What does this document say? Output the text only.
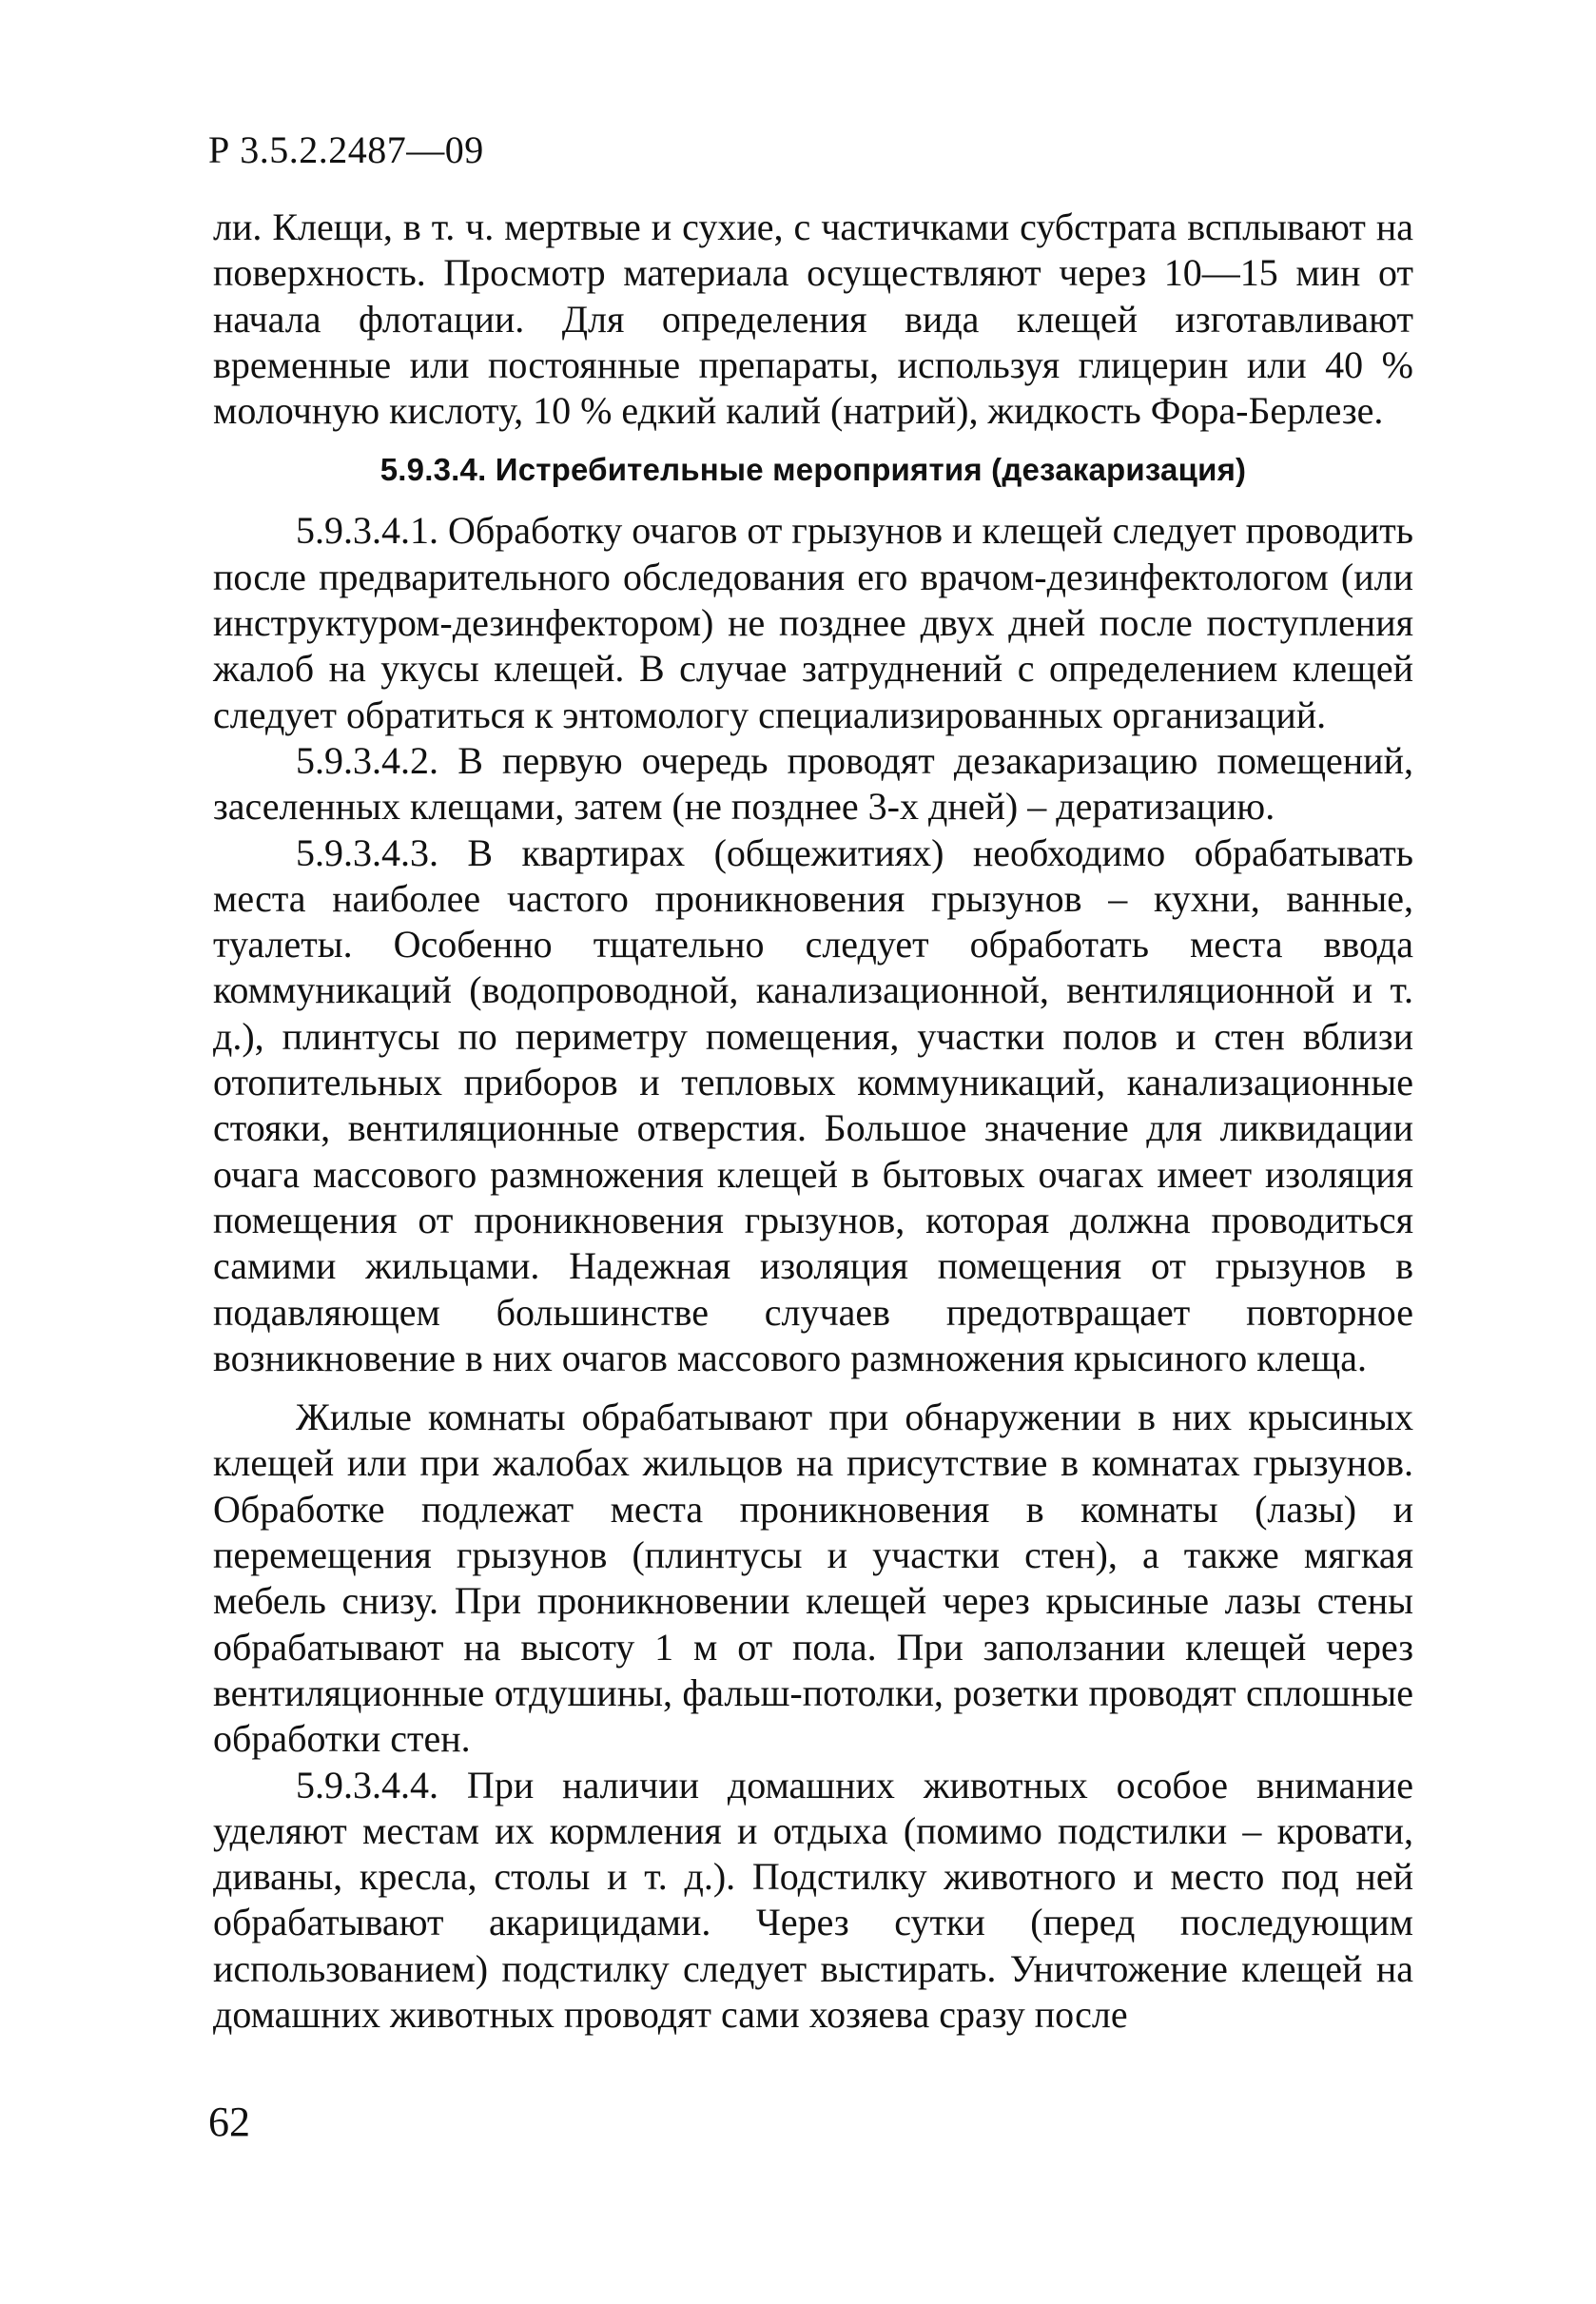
Р 3.5.2.2487—09

ли. Клещи, в т. ч. мертвые и сухие, с частичками субстрата всплывают на поверхность. Просмотр материала осуществляют через 10—15 мин от начала флотации. Для определения вида клещей изготавливают временные или постоянные препараты, используя глицерин или 40 % молочную кислоту, 10 % едкий калий (натрий), жидкость Фора-Берлезе.

5.9.3.4. Истребительные мероприятия (дезакаризация)

5.9.3.4.1. Обработку очагов от грызунов и клещей следует проводить после предварительного обследования его врачом-дезинфектологом (или инструктуром-дезинфектором) не позднее двух дней после поступления жалоб на укусы клещей. В случае затруднений с определением клещей следует обратиться к энтомологу специализированных организаций.

5.9.3.4.2. В первую очередь проводят дезакаризацию помещений, заселенных клещами, затем (не позднее 3-х дней) – дератизацию.

5.9.3.4.3. В квартирах (общежитиях) необходимо обрабатывать места наиболее частого проникновения грызунов – кухни, ванные, туалеты. Особенно тщательно следует обработать места ввода коммуникаций (водопроводной, канализационной, вентиляционной и т. д.), плинтусы по периметру помещения, участки полов и стен вблизи отопительных приборов и тепловых коммуникаций, канализационные стояки, вентиляционные отверстия. Большое значение для ликвидации очага массового размножения клещей в бытовых очагах имеет изоляция помещения от проникновения грызунов, которая должна проводиться самими жильцами. Надежная изоляция помещения от грызунов в подавляющем большинстве случаев предотвращает повторное возникновение в них очагов массового размножения крысиного клеща.

Жилые комнаты обрабатывают при обнаружении в них крысиных клещей или при жалобах жильцов на присутствие в комнатах грызунов. Обработке подлежат места проникновения в комнаты (лазы) и перемещения грызунов (плинтусы и участки стен), а также мягкая мебель снизу. При проникновении клещей через крысиные лазы стены обрабатывают на высоту 1 м от пола. При заползании клещей через вентиляционные отдушины, фальш-потолки, розетки проводят сплошные обработки стен.

5.9.3.4.4. При наличии домашних животных особое внимание уделяют местам их кормления и отдыха (помимо подстилки – кровати, диваны, кресла, столы и т. д.). Подстилку животного и место под ней обрабатывают акарицидами. Через сутки (перед последующим использованием) подстилку следует выстирать. Уничтожение клещей на домашних животных проводят сами хозяева сразу после

62
